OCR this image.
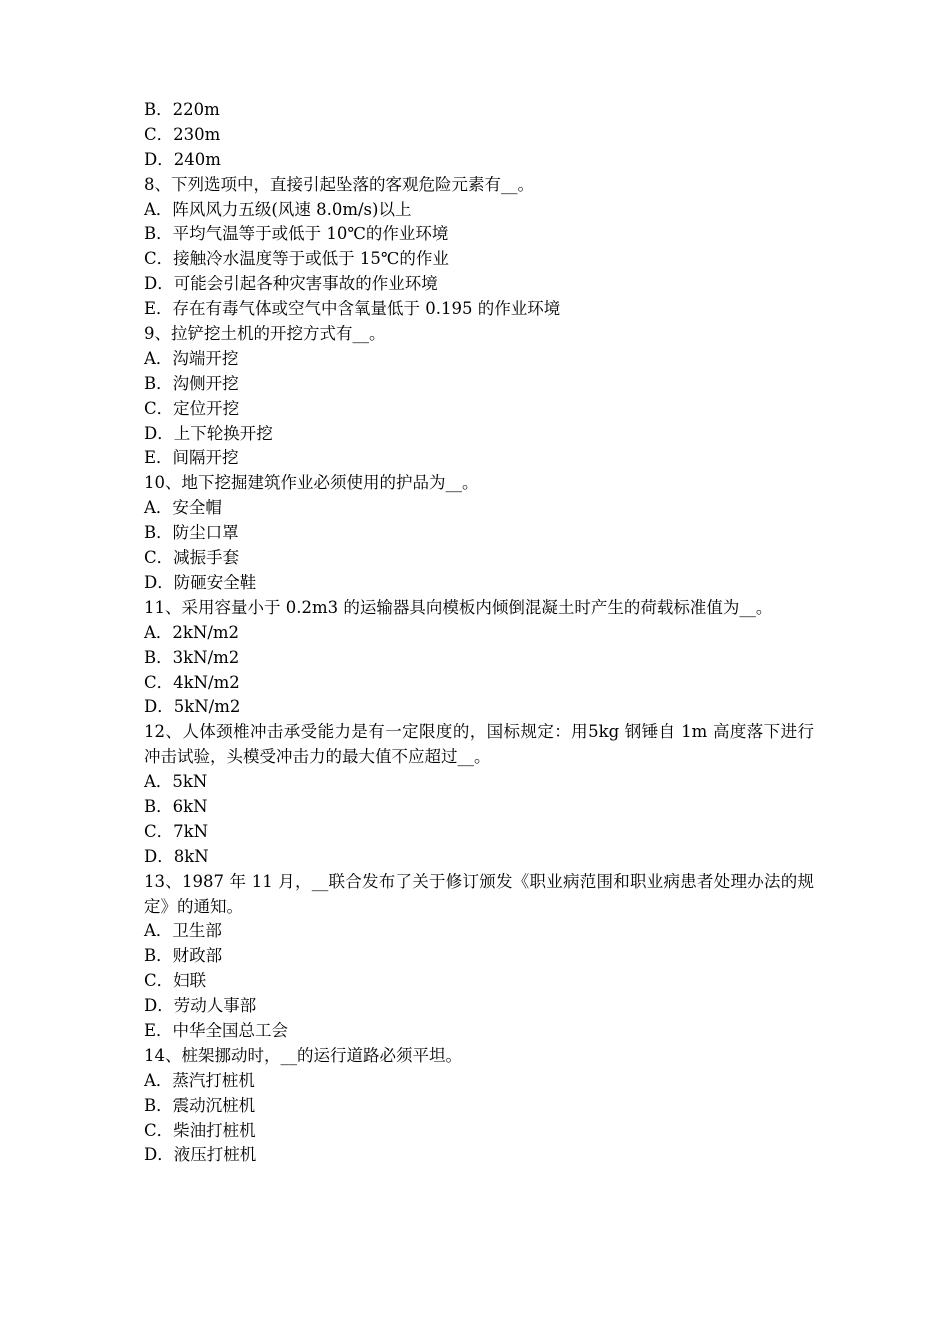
B．220m
C．230m
D．240m
8、下列选项中，直接引起坠落的客观危险元素有__。
A．阵风风力五级(风速 8.0m/s)以上
B．平均气温等于或低于 10℃的作业环境
C．接触冷水温度等于或低于 15℃的作业
D．可能会引起各种灾害事故的作业环境
E．存在有毒气体或空气中含氧量低于 0.195 的作业环境
9、拉铲挖土机的开挖方式有__。
A．沟端开挖
B．沟侧开挖
C．定位开挖
D．上下轮换开挖
E．间隔开挖
10、地下挖掘建筑作业必须使用的护品为__。
A．安全帽
B．防尘口罩
C．减振手套
D．防砸安全鞋
11、采用容量小于 0.2m3 的运输器具向模板内倾倒混凝土时产生的荷载标准值为__。
A．2kN/m2
B．3kN/m2
C．4kN/m2
D．5kN/m2
12、人体颈椎冲击承受能力是有一定限度的，国标规定：用5kg 钢锤自 1m 高度落下进行冲击试验，头模受冲击力的最大值不应超过__。
A．5kN
B．6kN
C．7kN
D．8kN
13、1987 年 11 月，__联合发布了关于修订颁发《职业病范围和职业病患者处理办法的规定》的通知。
A．卫生部
B．财政部
C．妇联
D．劳动人事部
E．中华全国总工会
14、桩架挪动时，__的运行道路必须平坦。
A．蒸汽打桩机
B．震动沉桩机
C．柴油打桩机
D．液压打桩机
